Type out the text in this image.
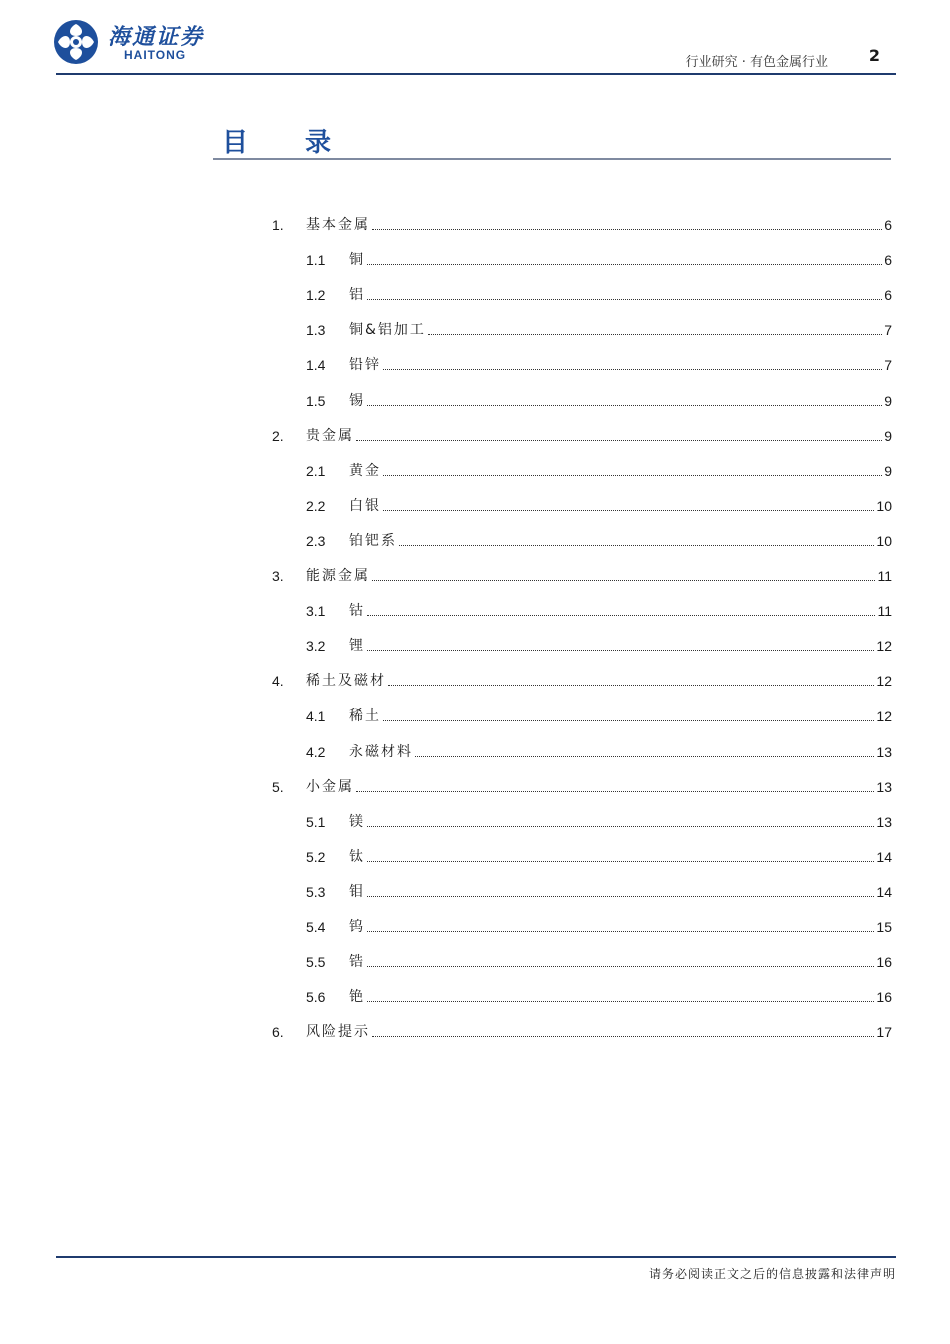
海通证券
HAITONG	行业研究 · 有色金属行业	2
目 录
1.	基本金属	6
1.1	铜	6
1.2	铝	6
1.3	铜&铝加工	7
1.4	铅锌	7
1.5	锡	9
2.	贵金属	9
2.1	黄金	9
2.2	白银	10
2.3	铂钯系	10
3.	能源金属	11
3.1	钴	11
3.2	锂	12
4.	稀土及磁材	12
4.1	稀土	12
4.2	永磁材料	13
5.	小金属	13
5.1	镁	13
5.2	钛	14
5.3	钼	14
5.4	钨	15
5.5	锆	16
5.6	铯	16
6.	风险提示	17
请务必阅读正文之后的信息披露和法律声明
